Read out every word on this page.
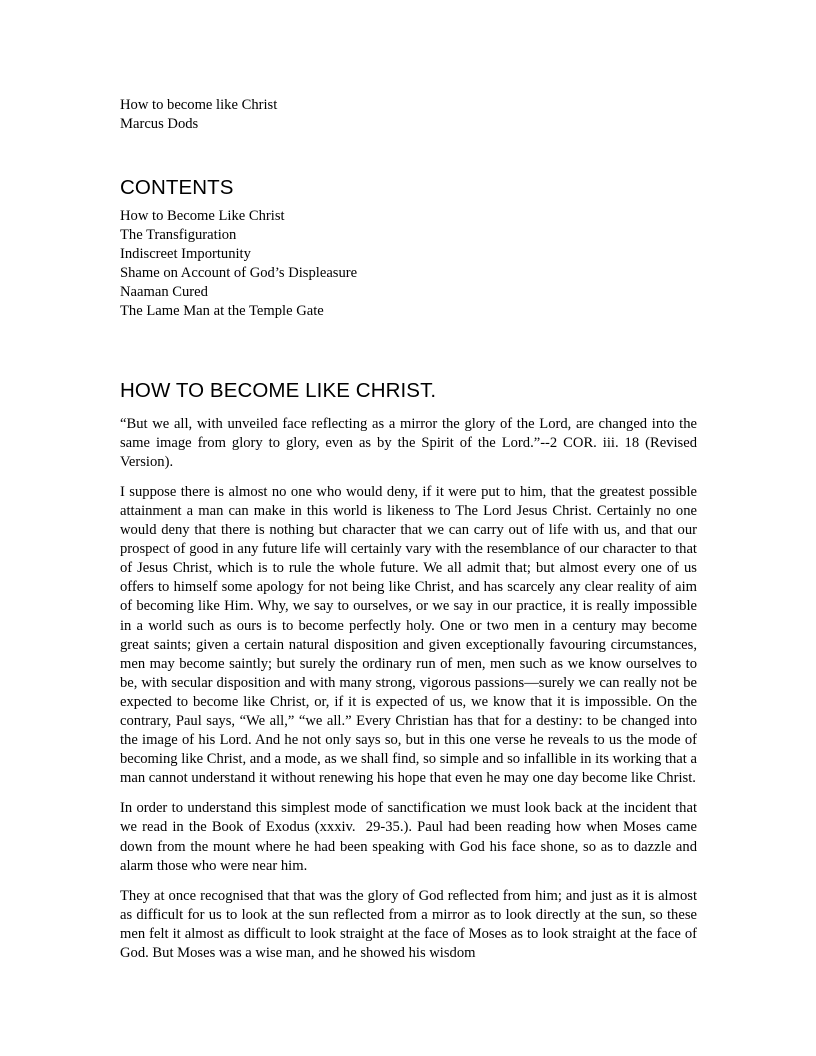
How to become like Christ
Marcus Dods
CONTENTS
How to Become Like Christ
The Transfiguration
Indiscreet Importunity
Shame on Account of God’s Displeasure
Naaman Cured
The Lame Man at the Temple Gate
HOW TO BECOME LIKE CHRIST.

“But we all, with unveiled face reflecting as a mirror the glory of the Lord, are changed into the same image from glory to glory, even as by the Spirit of the Lord.”--2 COR. iii. 18 (Revised Version).

I suppose there is almost no one who would deny, if it were put to him, that the greatest possible attainment a man can make in this world is likeness to The Lord Jesus Christ. Certainly no one would deny that there is nothing but character that we can carry out of life with us, and that our prospect of good in any future life will certainly vary with the resemblance of our character to that of Jesus Christ, which is to rule the whole future. We all admit that; but almost every one of us offers to himself some apology for not being like Christ, and has scarcely any clear reality of aim of becoming like Him. Why, we say to ourselves, or we say in our practice, it is really impossible in a world such as ours is to become perfectly holy. One or two men in a century may become great saints; given a certain natural disposition and given exceptionally favouring circumstances, men may become saintly; but surely the ordinary run of men, men such as we know ourselves to be, with secular disposition and with many strong, vigorous passions—surely we can really not be expected to become like Christ, or, if it is expected of us, we know that it is impossible. On the contrary, Paul says, “We all,” “we all.” Every Christian has that for a destiny: to be changed into the image of his Lord. And he not only says so, but in this one verse he reveals to us the mode of becoming like Christ, and a mode, as we shall find, so simple and so infallible in its working that a man cannot understand it without renewing his hope that even he may one day become like Christ.

In order to understand this simplest mode of sanctification we must look back at the incident that we read in the Book of Exodus (xxxiv.  29-35.). Paul had been reading how when Moses came down from the mount where he had been speaking with God his face shone, so as to dazzle and alarm those who were near him.

They at once recognised that that was the glory of God reflected from him; and just as it is almost as difficult for us to look at the sun reflected from a mirror as to look directly at the sun, so these men felt it almost as difficult to look straight at the face of Moses as to look straight at the face of God. But Moses was a wise man, and he showed his wisdom
